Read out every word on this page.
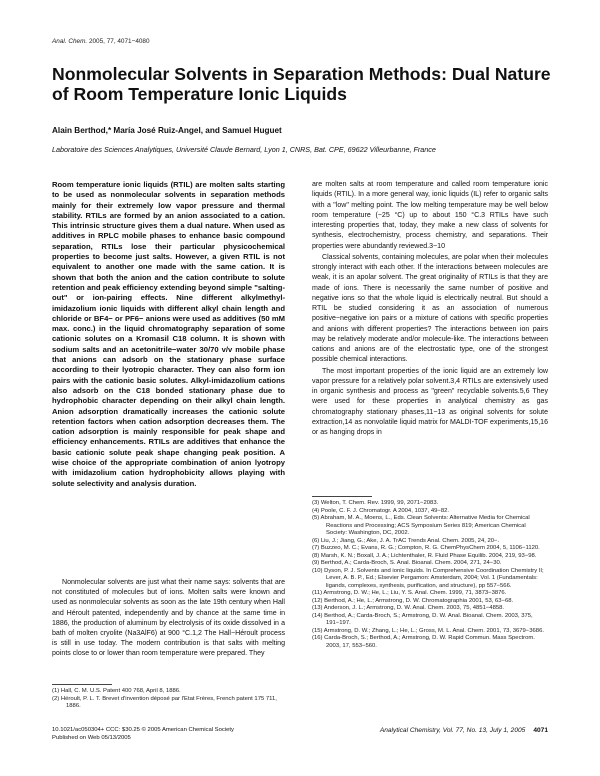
Anal. Chem. 2005, 77, 4071−4080
Nonmolecular Solvents in Separation Methods: Dual Nature of Room Temperature Ionic Liquids
Alain Berthod,* María José Ruiz-Angel, and Samuel Huguet
Laboratoire des Sciences Analytiques, Université Claude Bernard, Lyon 1, CNRS, Bat. CPE, 69622 Villeurbanne, France
Room temperature ionic liquids (RTIL) are molten salts starting to be used as nonmolecular solvents in separation methods mainly for their extremely low vapor pressure and thermal stability. RTILs are formed by an anion associated to a cation. This intrinsic structure gives them a dual nature. When used as additives in RPLC mobile phases to enhance basic compound separation, RTILs lose their particular physicochemical properties to become just salts. However, a given RTIL is not equivalent to another one made with the same cation. It is shown that both the anion and the cation contribute to solute retention and peak efficiency extending beyond simple "salting-out" or ion-pairing effects. Nine different alkylmethyl-imidazolium ionic liquids with different alkyl chain length and chloride or BF4− or PF6− anions were used as additives (50 mM max. conc.) in the liquid chromatography separation of some cationic solutes on a Kromasil C18 column. It is shown with sodium salts and an acetonitrile−water 30/70 v/v mobile phase that anions can adsorb on the stationary phase surface according to their lyotropic character. They can also form ion pairs with the cationic basic solutes. Alkyl-imidazolium cations also adsorb on the C18 bonded stationary phase due to hydrophobic character depending on their alkyl chain length. Anion adsorption dramatically increases the cationic solute retention factors when cation adsorption decreases them. The cation adsorption is mainly responsible for peak shape and efficiency enhancements. RTILs are additives that enhance the basic cationic solute peak shape changing peak position. A wise choice of the appropriate combination of anion lyotropy with imidazolium cation hydrophobicity allows playing with solute selectivity and analysis duration.
Nonmolecular solvents are just what their name says: solvents that are not constituted of molecules but of ions. Molten salts were known and used as nonmolecular solvents as soon as the late 19th century when Hall and Héroult patented, independently and by chance at the same time in 1886, the production of aluminum by electrolysis of its oxide dissolved in a bath of molten cryolite (Na3AlF6) at 900 °C.1,2 The Hall−Héroult process is still in use today. The modern contribution is that salts with melting points close to or lower than room temperature were prepared. They
(1) Hall, C. M. U.S. Patent 400 768, April 8, 1886.
(2) Héroult, P. L. T. Brevet d'invention déposé par l'Etat Frères, French patent 175 711, 1886.

are molten salts at room temperature and called room temperature ionic liquids (RTIL). In a more general way, ionic liquids (IL) refer to organic salts with a "low" melting point. The low melting temperature may be well below room temperature (−25 °C) up to about 150 °C.3 RTILs have such interesting properties that, today, they make a new class of solvents for synthesis, electrochemistry, process chemistry, and separations. Their properties were abundantly reviewed.3−10

Classical solvents, containing molecules, are polar when their molecules strongly interact with each other. If the interactions between molecules are weak, it is an apolar solvent. The great originality of RTILs is that they are made of ions. There is necessarily the same number of positive and negative ions so that the whole liquid is electrically neutral. But should a RTIL be studied considering it as an association of numerous positive−negative ion pairs or a mixture of cations with specific properties and anions with different properties? The interactions between ion pairs may be relatively moderate and/or molecule-like. The interactions between cations and anions are of the electrostatic type, one of the strongest possible chemical interactions.

The most important properties of the ionic liquid are an extremely low vapor pressure for a relatively polar solvent.3,4 RTILs are extensively used in organic synthesis and process as "green" recyclable solvents.5,6 They were used for these properties in analytical chemistry as gas chromatography stationary phases,11−13 as original solvents for solute extraction,14 as nonvolatile liquid matrix for MALDI-TOF experiments,15,16 or as hanging drops in

(3) Welton, T. Chem. Rev. 1999, 99, 2071−2083.
(4) Poole, C. F. J. Chromatogr. A 2004, 1037, 49−82.
(5) Abraham, M. A., Moens, L., Eds. Clean Solvents: Alternative Media for Chemical Reactions and Processing; ACS Symposium Series 819; American Chemical Society: Washington, DC, 2002.
(6) Liu, J.; Jiang, G.; Ake, J. A. TrAC Trends Anal. Chem. 2005, 24, 20−.
(7) Buzzeo, M. C.; Evans, R. G.; Compton, R. G. ChemPhysChem 2004, 5, 1106−1120.
(8) Marsh, K. N.; Boxall, J. A.; Lichtenthaler, R. Fluid Phase Equilib. 2004, 219, 93−98.
(9) Berthod, A.; Carda-Broch, S. Anal. Bioanal. Chem. 2004, 271, 24−30.
(10) Dyson, P. J. Solvents and ionic liquids. In Comprehensive Coordination Chemistry II; Lever, A. B. P., Ed.; Elsevier Pergamon: Amsterdam, 2004; Vol. 1 (Fundamentals: ligands, complexes, synthesis, purification, and structure), pp 557−566.
(11) Armstrong, D. W.; He, L.; Liu, Y. S. Anal. Chem. 1999, 71, 3873−3876.
(12) Berthod, A.; He, L.; Armstrong, D. W. Chromatographia 2001, 53, 63−68.
(13) Anderson, J. L.; Armstrong, D. W. Anal. Chem. 2003, 75, 4851−4858.
(14) Berthod, A.; Carda-Broch, S.; Armstrong, D. W. Anal. Bioanal. Chem. 2003, 375, 191−197.
(15) Armstrong, D. W.; Zhang, L.; He, L.; Gross, M. L. Anal. Chem. 2001, 73, 3679−3686.
(16) Carda-Broch, S.; Berthod, A.; Armstrong, D. W. Rapid Commun. Mass Spectrom. 2003, 17, 553−560.
10.1021/ac050304+ CCC: $30.25 © 2005 American Chemical Society
Published on Web 05/13/2005
Analytical Chemistry, Vol. 77, No. 13, July 1, 2005 4071
